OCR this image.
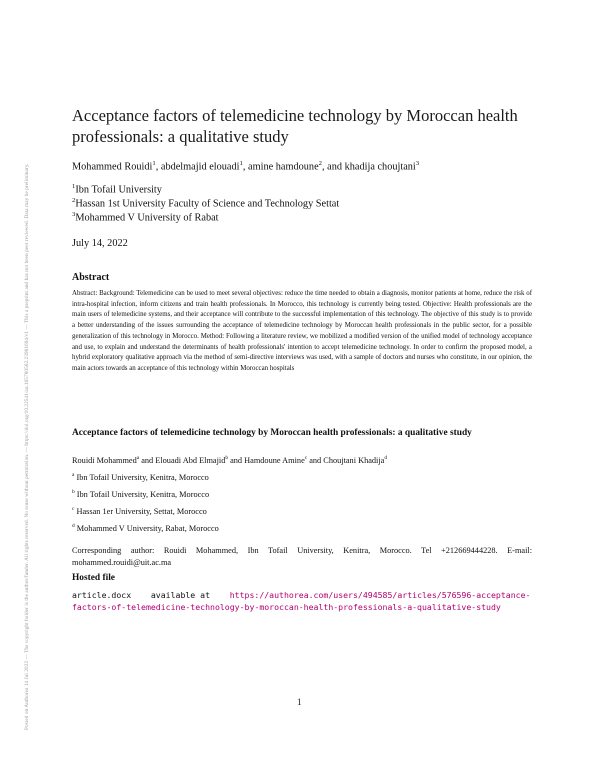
Posted on Authorea 14 Jul 2022 — The copyright holder is the author/funder. All rights reserved. No reuse without permission. — https://doi.org/10.22541/au.165780562.23981694/v1 — This a preprint and has not been peer reviewed. Data may be preliminary.
Acceptance factors of telemedicine technology by Moroccan health professionals: a qualitative study
Mohammed Rouidi$^1$, abdelmajid elouadi$^1$, amine hamdoune$^2$, and khadija choujtani$^3$
$^1$Ibn Tofail University
$^2$Hassan 1st University Faculty of Science and Technology Settat
$^3$Mohammed V University of Rabat
July 14, 2022
Abstract

Abstract: Background: Telemedicine can be used to meet several objectives: reduce the time needed to obtain a diagnosis, monitor patients at home, reduce the risk of intra-hospital infection, inform citizens and train health professionals. In Morocco, this technology is currently being tested. Objective: Health professionals are the main users of telemedicine systems, and their acceptance will contribute to the successful implementation of this technology. The objective of this study is to provide a better understanding of the issues surrounding the acceptance of telemedicine technology by Moroccan health professionals in the public sector, for a possible generalization of this technology in Morocco. Method: Following a literature review, we mobilized a modified version of the unified model of technology acceptance and use, to explain and understand the determinants of health professionals' intention to accept telemedicine technology. In order to confirm the proposed model, a hybrid exploratory qualitative approach via the method of semi-directive interviews was used, with a sample of doctors and nurses who constitute, in our opinion, the main actors towards an acceptance of this technology within Moroccan hospitals

Acceptance factors of telemedicine technology by Moroccan health professionals: a qualitative study
Rouidi Mohammed$^a$ and Elouadi Abd Elmajid$^b$ and Hamdoune Amine$^c$ and Choujtani Khadija$^d$
$^a$ Ibn Tofail University, Kenitra, Morocco
$^b$ Ibn Tofail University, Kenitra, Morocco
$^c$ Hassan 1er University, Settat, Morocco
$^d$ Mohammed V University, Rabat, Morocco

Corresponding author: Rouidi Mohammed, Ibn Tofail University, Kenitra, Morocco. Tel +212669444228. E-mail: mohammed.rouidi@uit.ac.ma

Hosted file

article.docx available at https://authorea.com/users/494585/articles/576596-acceptance-factors-of-telemedicine-technology-by-moroccan-health-professionals-a-qualitative-study

1
